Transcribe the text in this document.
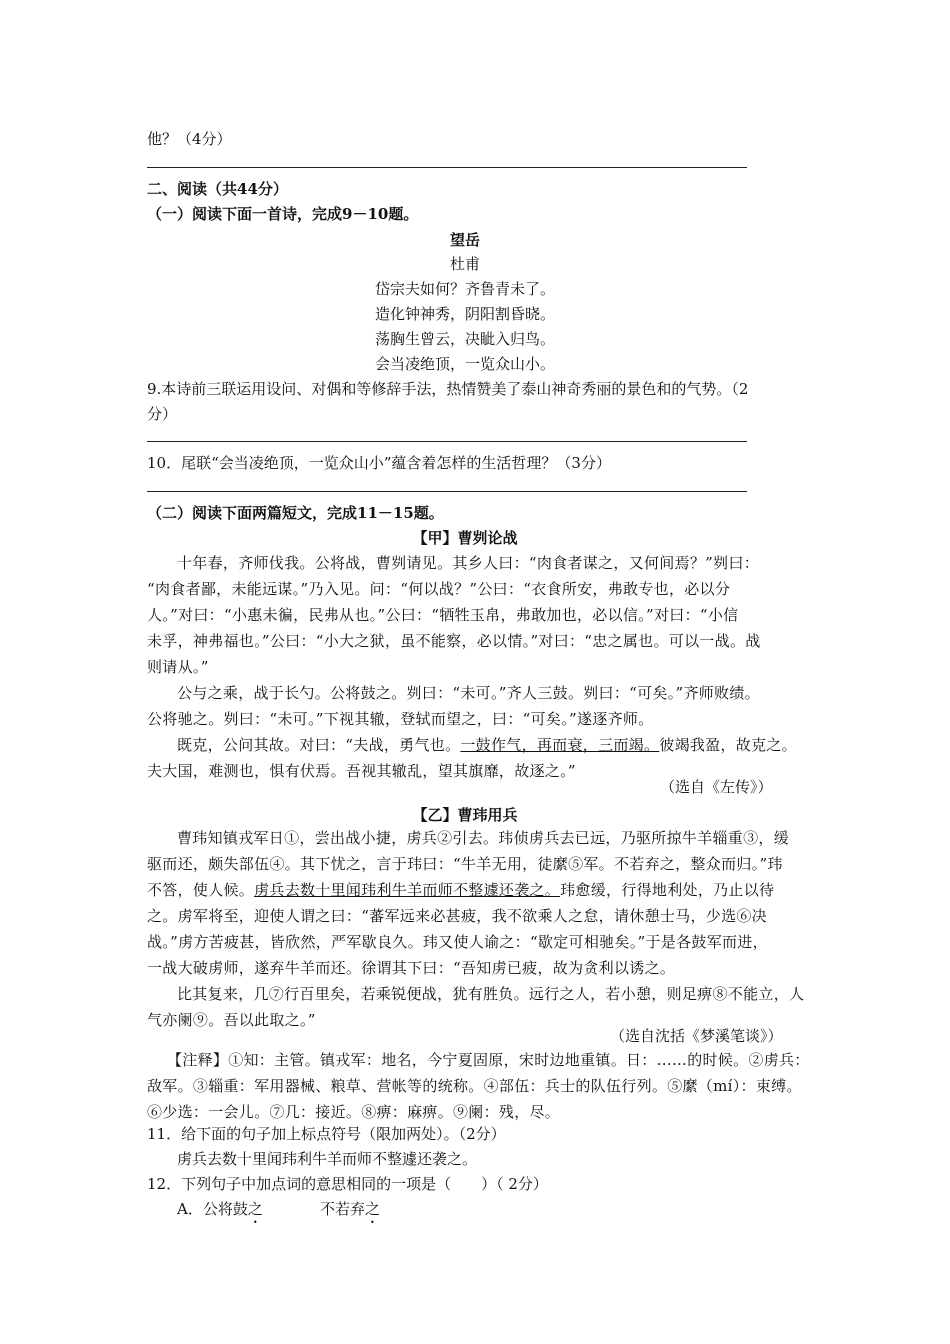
他？（4分）
二、阅读（共44分）
（一）阅读下面一首诗，完成9－10题。
望岳
杜甫
岱宗夫如何？齐鲁青未了。
造化钟神秀，阴阳割昏晓。
荡胸生曾云，决眦入归鸟。
会当凌绝顶，一览众山小。
9.本诗前三联运用设问、对偶和等修辞手法，热情赞美了泰山神奇秀丽的景色和的气势。（2
分）
10．尾联“会当凌绝顶，一览众山小”蕴含着怎样的生活哲理？（3分）
（二）阅读下面两篇短文，完成11－15题。
【甲】曹刿论战
十年春，齐师伐我。公将战，曹刿请见。其乡人曰：“肉食者谋之，又何间焉？”刿曰：
“肉食者鄙，未能远谋。”乃入见。问：“何以战？”公曰：“衣食所安，弗敢专也，必以分
人。”对曰：“小惠未徧，民弗从也。”公曰：“牺牲玉帛，弗敢加也，必以信。”对曰：“小信
未孚，神弗福也。”公曰：“小大之狱，虽不能察，必以情。”对曰：“忠之属也。可以一战。战
则请从。”
公与之乘，战于长勺。公将鼓之。刿曰：“未可。”齐人三鼓。刿曰：“可矣。”齐师败绩。
公将驰之。刿曰：“未可。”下视其辙，登轼而望之，曰：“可矣。”遂逐齐师。
既克，公问其故。对曰：“夫战，勇气也。一鼓作气，再而衰，三而竭。彼竭我盈，故克之。
夫大国，难测也，惧有伏焉。吾视其辙乱，望其旗靡，故逐之。”
（选自《左传》）
【乙】曹玮用兵
曹玮知镇戎军日①，尝出战小捷，虏兵②引去。玮侦虏兵去已远，乃驱所掠牛羊辎重③，缓
驱而还，颇失部伍④。其下忧之，言于玮曰：“牛羊无用，徒縻⑤军。不若弃之，整众而归。”玮
不答，使人候。虏兵去数十里闻玮利牛羊而师不整遽还袭之。玮愈缓，行得地利处，乃止以待
之。虏军将至，迎使人谓之曰：“蕃军远来必甚疲，我不欲乘人之怠，请休憩士马，少选⑥决
战。”虏方苦疲甚，皆欣然，严军歇良久。玮又使人谕之：“歇定可相驰矣。”于是各鼓军而进，
一战大破虏师，遂弃牛羊而还。徐谓其下曰：“吾知虏已疲，故为贪利以诱之。
比其复来，几⑦行百里矣，若乘锐便战，犹有胜负。远行之人，若小憩，则足痹⑧不能立，人
气亦阑⑨。吾以此取之。”
（选自沈括《梦溪笔谈》）
【注释】①知：主管。镇戎军：地名，今宁夏固原，宋时边地重镇。日：……的时候。②虏兵：
敌军。③辎重：军用器械、粮草、营帐等的统称。④部伍：兵士的队伍行列。⑤縻（mí）：束缚。
⑥少选：一会儿。⑦几：接近。⑧痹：麻痹。⑨阑：残，尽。
11．给下面的句子加上标点符号（限加两处）。（2分）
虏兵去数十里闻玮利牛羊而师不整遽还袭之。
12．下列句子中加点词的意思相同的一项是（　　）（ 2分）
A．公将鼓之	不若弃之
